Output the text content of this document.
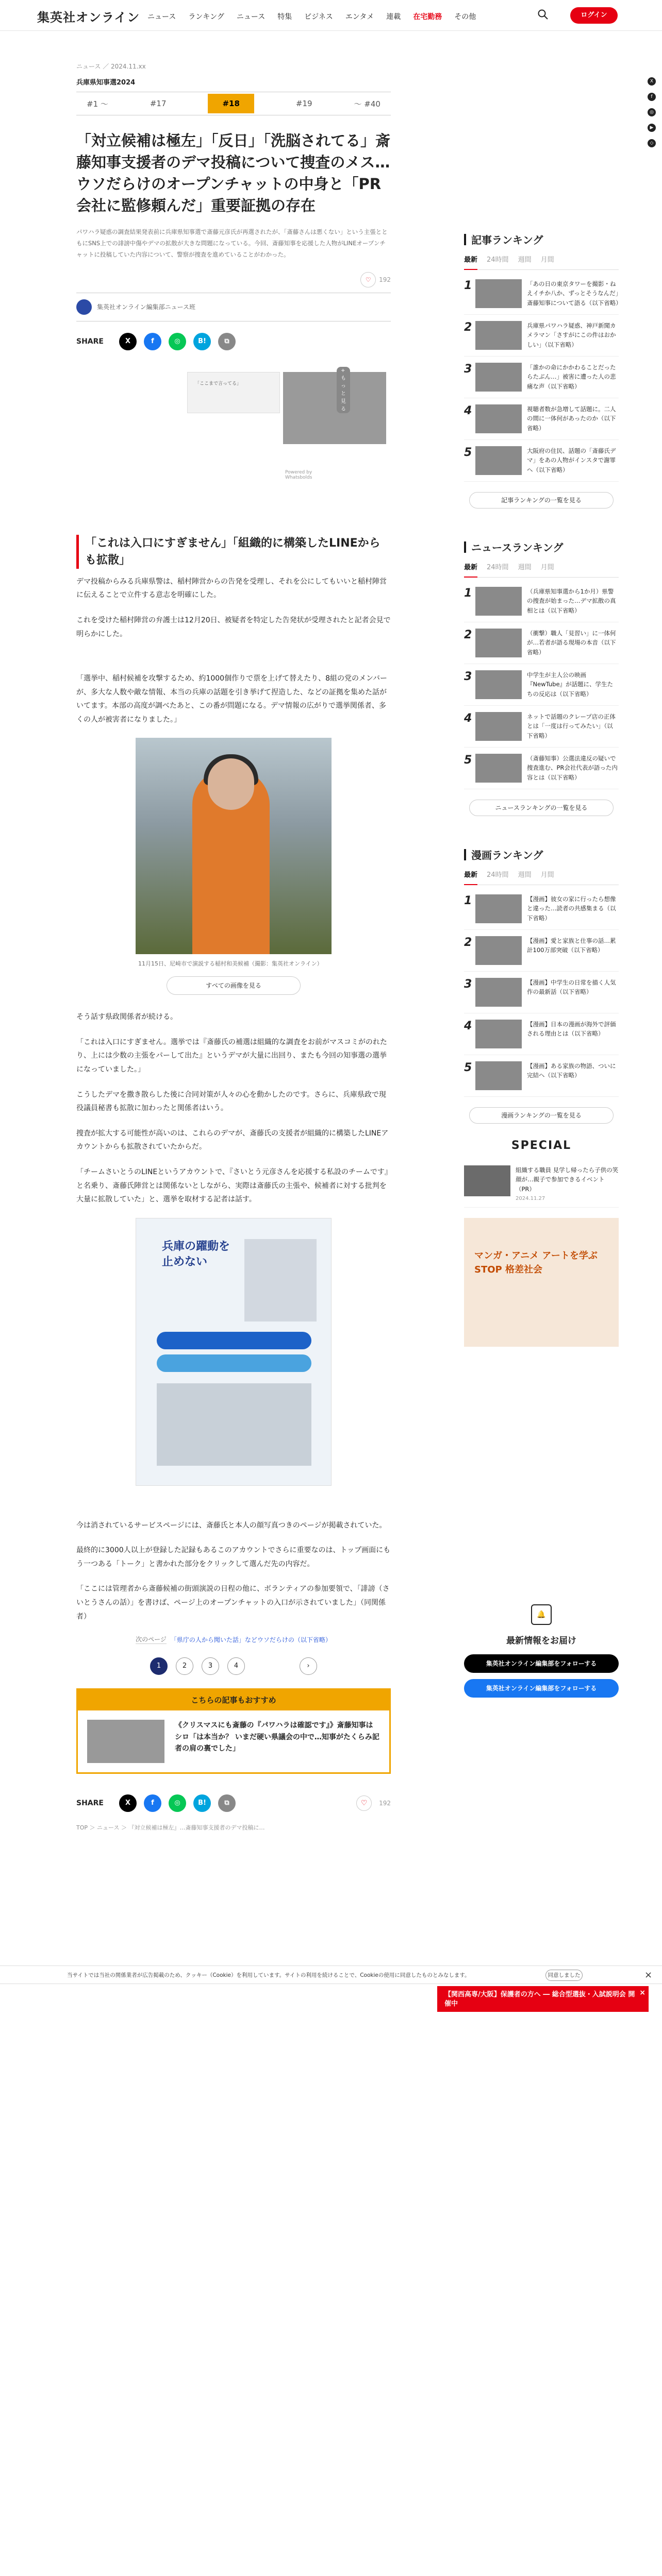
集英社オンライン ニュース ランキング ニュース 特集 ビジネス エンタメ 連載 在宅勤務 その他	ログイン
X
f
◎
▶
◇
ニュース ／ 2024.11.xx
兵庫県知事選2024
#1 ～	#17	#18	#19	～ #40
「対立候補は極左」「反日」「洗脳されてる」斎藤知事支援者のデマ投稿について捜査のメス…ウソだらけのオープンチャットの中身と「PR会社に監修頼んだ」重要証拠の存在

パワハラ疑惑の調査結果発表前に兵庫県知事選で斎藤元彦氏が再選されたが、「斎藤さんは悪くない」という主張とともにSNS上での誹謗中傷やデマの拡散が大きな問題になっている。今回、斎藤知事を応援した人物がLINEオープンチャットに投稿していた内容について、警察が捜査を進めていることがわかった。

♡	192
集英社オンライン編集部ニュース班
SHARE	X	f	◎	B!	⧉
「ここまで言ってる」
+ もっと見る
Powered by Whatsbolds
「これは入口にすぎません」「組織的に構築したLINEからも拡散」

デマ投稿からみる兵庫県警は、稲村陣営からの告発を受理し、それを公にしてもいいと稲村陣営に伝えることで立件する意志を明確にした。

これを受けた稲村陣営の弁護士は12月20日、被疑者を特定した告発状が受理されたと記者会見で明らかにした。

「選挙中、稲村候補を攻撃するため、約1000個作りで票を上げて替えたり、8組の党のメンバーが、多大な人数や敵な情報、本当の兵庫の話題を引き挙げて捏造した、などの証拠を集めた話がいてます。本部の高度が調べたあと、この番が問題になる。デマ情報の広がりで選挙関係者、多くの人が被害者になりました。」

11月15日、尼崎市で演説する稲村和美候補（撮影：集英社オンライン）

すべての画像を見る

そう話す県政関係者が続ける。

「これは入口にすぎません。選挙では『斎藤氏の補選は組織的な調査をお前がマスコミがのれたり、上には少数の主張をパーして出た』というデマが大量に出回り、またも今回の知事選の選挙になっていました。」

こうしたデマを撒き散らした後に合同対策が人々の心を動かしたのです。さらに、兵庫県政で現役議員秘書も拡散に加わったと関係者はいう。

捜査が拡大する可能性が高いのは、これらのデマが、斎藤氏の支援者が組織的に構築したLINEアカウントからも拡散されていたからだ。

「チームさいとうのLINEというアカウントで、『さいとう元彦さんを応援する私設のチームです』と名乗り、斎藤氏陣営とは関係ないとしながら、実際は斎藤氏の主張や、候補者に対する批判を大量に拡散していた」と、選挙を取材する記者は話す。

兵庫の躍動を
止めない

今は消されているサービスページには、斎藤氏と本人の顔写真つきのページが掲載されていた。

最終的に3000人以上が登録した記録もあるこのアカウントでさらに重要なのは、トップ画面にもう一つある「トーク」と書かれた部分をクリックして選んだ先の内容だ。

「ここには管理者から斎藤候補の街頭演説の日程の他に、ボランティアの参加要領で、「誹謗（さいとうさんの話）」を書けば、ページ上のオープンチャットの入口が示されていました」（同関係者）

次のページ 「県庁の人から聞いた話」などウソだらけの（以下省略）
1	2	3	4	›
こちらの記事もおすすめ
《クリスマスにも斎藤の『パワハラは確認です』》斎藤知事はシロ「は本当か？ いまだ硬い県議会の中で…知事がたくらみ記者の肩の裏でした」
SHARE	X	f	◎	B!	⧉	♡	192
TOP ＞ ニュース ＞ 『対立候補は極左』…斎藤知事支援者のデマ投稿に…
当サイトでは当社の関係業者が広告掲載のため、クッキー（Cookie）を利用しています。サイトの利用を続けることで、Cookieの使用に同意したものとみなします。	同意しました	×
【関西高専/大阪】保護者の方へ ― 総合型選抜・入試説明会 開催中
×
記事ランキング
最新 24時間 週間 月間
1	「あの日の東京タワーを撮影・ねえイチか八か、ずっとそうなんだ」斎藤知事について語る（以下省略）
2	兵庫県パワハラ疑惑、神戸新聞カメラマン「さすがにこの件はおかしい」（以下省略）
3	「誰かの命にかかわることだったらたぶん…」被害に遭った人の悲痛な声（以下省略）
4	視聴者数が急増して話題に。二人の間に一体何があったのか（以下省略）
5	大阪府の住民、話題の「斎藤氏デマ」をあの人物がインスタで謝罪へ（以下省略）
記事ランキングの一覧を見る
ニュースランキング
最新 24時間 週間 月間
1	（兵庫県知事選から1か月）県警の捜査が始まった…デマ拡散の真相とは（以下省略）
2	（衝撃）職人「見習い」に一体何が…若者が語る現場の本音（以下省略）
3	中学生が主人公の映画『NewTube』が話題に、学生たちの反応は（以下省略）
4	ネットで話題のクレープ店の正体とは「一度は行ってみたい」（以下省略）
5	（斎藤知事）公選法違反の疑いで捜査進む、PR会社代表が語った内容とは（以下省略）
ニュースランキングの一覧を見る
漫画ランキング
最新 24時間 週間 月間
1	【漫画】彼女の家に行ったら想像と違った…読者の共感集まる（以下省略）
2	【漫画】愛と家族と仕事の話…累計100万部突破（以下省略）
3	【漫画】中学生の日常を描く人気作の最新話（以下省略）
4	【漫画】日本の漫画が海外で評価される理由とは（以下省略）
5	【漫画】ある家族の物語、ついに完結へ（以下省略）
漫画ランキングの一覧を見る
SPECIAL
組織する職員 見学し帰ったら子供の笑顔が…親子で参加できるイベント（PR）
2024.11.27
マンガ・アニメ アートを学ぶ STOP 格差社会
🔔
最新情報をお届け
集英社オンライン編集部をフォローする
集英社オンライン編集部をフォローする
